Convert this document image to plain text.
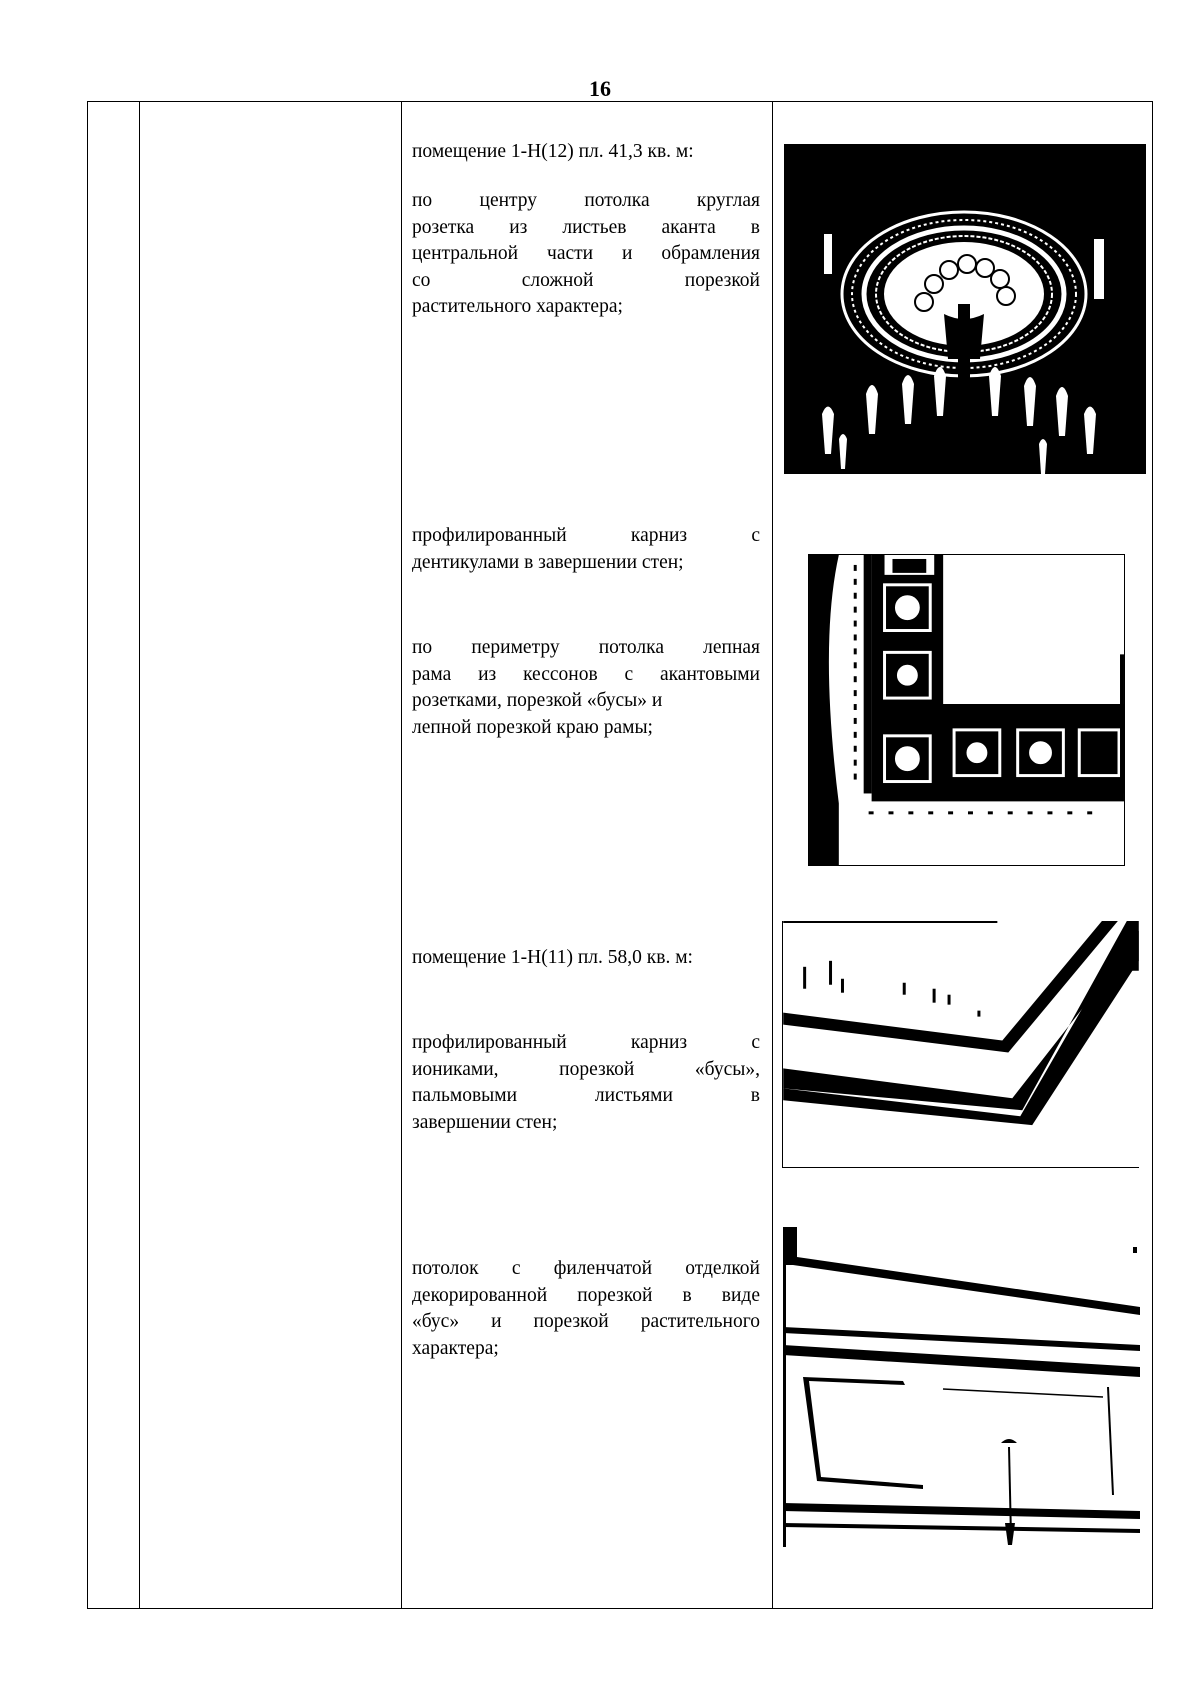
16
помещение 1-Н(12) пл. 41,3 кв. м:
по центру потолка круглая
розетка из листьев аканта в
центральной части и обрамления
со сложной порезкой
растительного характера;
профилированный карниз с
дентикулами в завершении стен;
по периметру потолка лепная
рама из кессонов с акантовыми
розетками, порезкой «бусы» и
лепной порезкой краю рамы;
помещение 1-Н(11) пл. 58,0 кв. м:
профилированный карниз с
иониками, порезкой «бусы»,
пальмовыми листьями в
завершении стен;
потолок с филенчатой отделкой
декорированной порезкой в виде
«бус» и порезкой растительного
характера;
